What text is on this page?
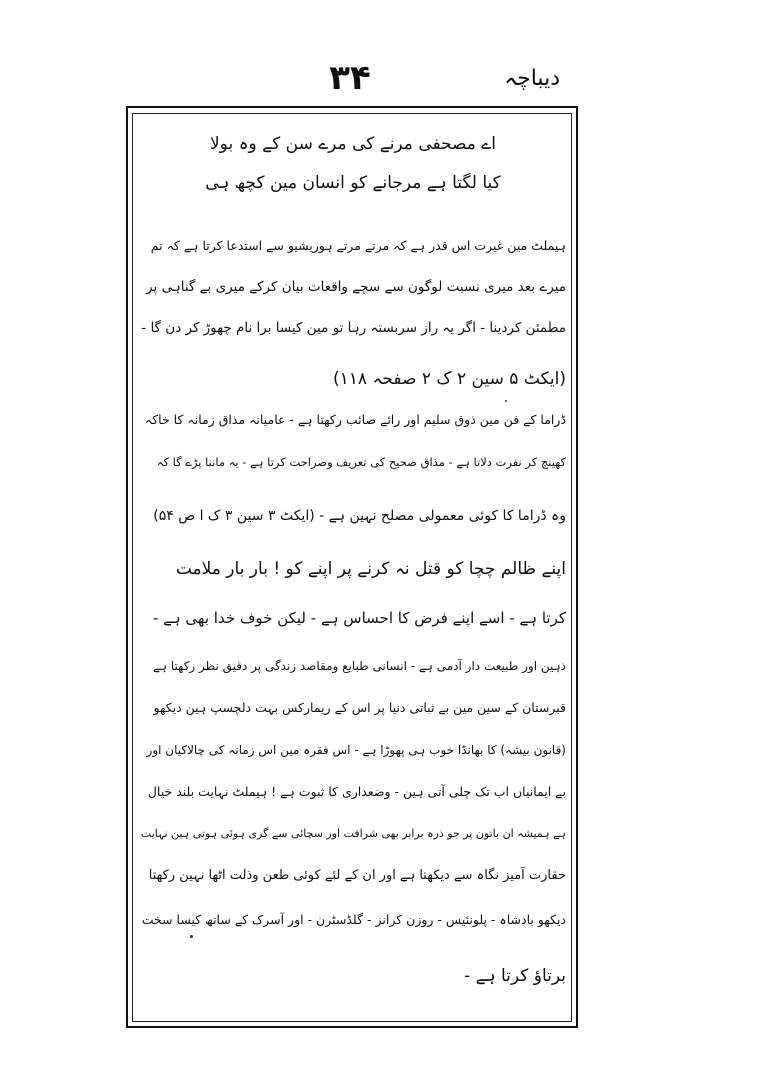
دیباچہ
۳۴
اے مصحفی مرنے کی مرے سن کے وہ بولا
کیا لگتا ہے مرجانے کو انسان مین کچھ ہی
ہیملٹ مین غیرت اس قدر ہے کہ مرتے مرتے ہوریشیو سے استدعا کرتا ہے کہ تم
میرے بعد میری نسبت لوگون سے سچے واقعات بیان کرکے میری بے گناہی پر
مطمئن کردینا - اگر یہ راز سربستہ رہا تو مین کیسا برا نام چھوڑ کر دن گا -
(ایکٹ ۵ سین ۲ ک ۲ صفحہ ۱۱۸)
ڈراما کے فن مین ذوق سلیم اور رائے صائب رکھتا ہے - عامیانہ مذاق زمانہ کا خاکہ
کھینچ کر نفرت دلاتا ہے - مذاق صحیح کی تعریف وصراحت کرتا ہے - یہ ماننا پڑے گا کہ
وہ ڈراما کا کوئی معمولی مصلح نہین ہے - (ایکٹ ۳ سین ۳ ک ا ص ۵۴)
اپنے ظالم چچا کو قتل نہ کرنے پر اپنے کو ! بار بار ملامت
کرتا ہے - اسے اپنے فرض کا احساس ہے - لیکن خوف خدا بھی ہے -
ذہین اور طبیعت دار آدمی ہے - انسانی طبایع ومقاصد زندگی پر دقیق نظر رکھتا ہے
قبرستان کے سین مین بے ثباتی دنیا پر اس کے ریمارکس بہت دلچسپ ہین دیکھو
(قانون بیشہ) کا بھانڈا خوب ہی پھوڑا ہے - اس فقرہ مین اس زمانہ کی چالاکیان اور
بے ایمانیاں اب تک چلی آتی ہین - وضعداری کا ثبوت ہے ! ہیملٹ نہایت بلند خیال
ہے ہمیشہ ان باتون پر جو ذرہ برابر بھی شرافت اور سچائی سے گری ہوئی ہوتی ہین نہایت
حقارت آمیز نگاہ سے دیکھتا ہے اور ان کے لئے کوئی طعن وذلت اٹھا نہین رکھتا
دیکھو بادشاہ - پلونئیس - روزن کرانز - گلڈسٹرن - اور آسرک کے ساتھ کیسا سخت
برتاؤ کرتا ہے -
